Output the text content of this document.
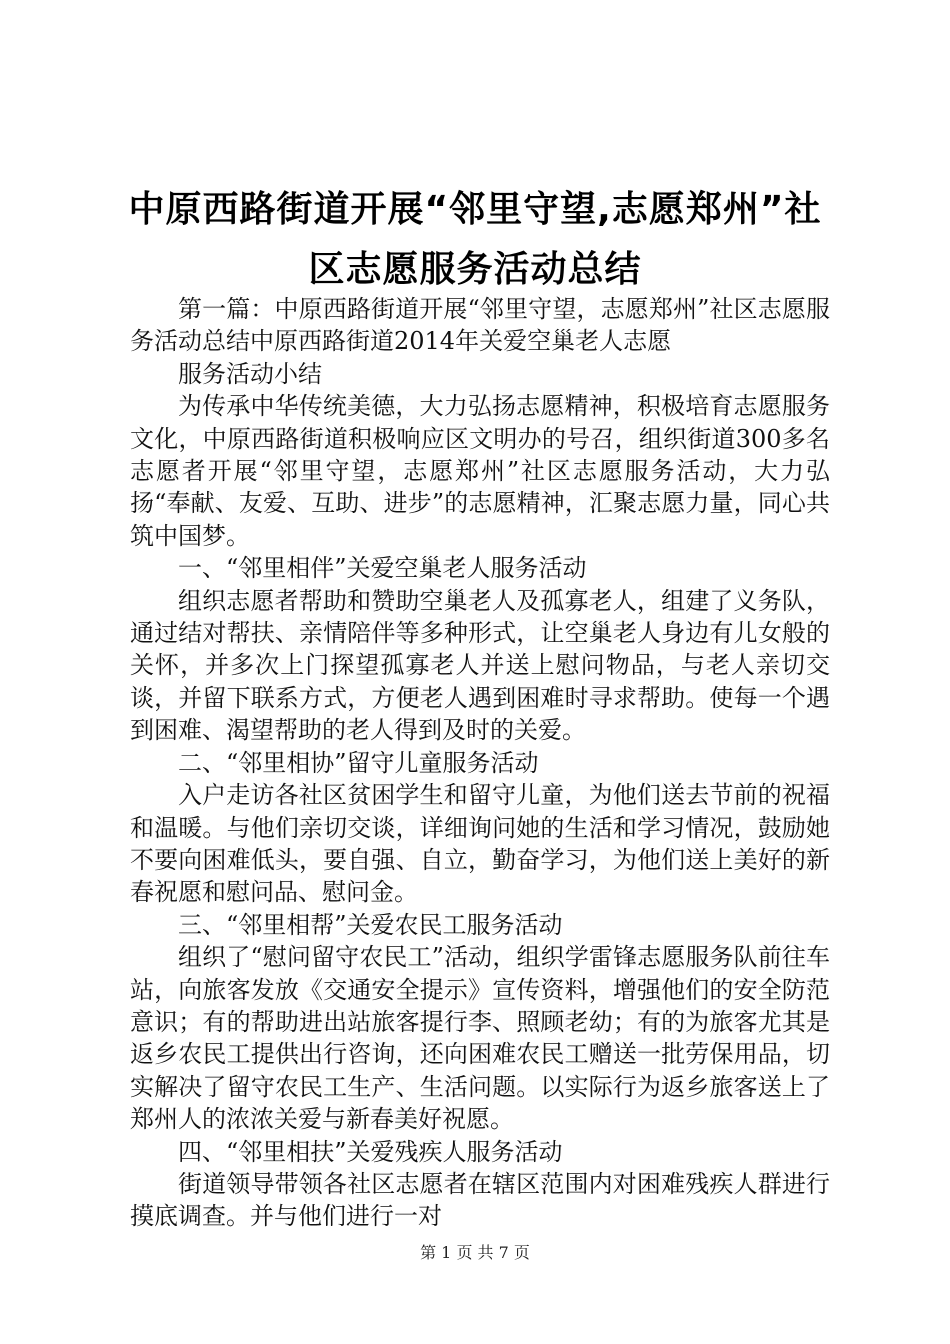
中原西路街道开展“邻里守望,志愿郑州”社
区志愿服务活动总结

第一篇：中原西路街道开展“邻里守望，志愿郑州”社区志愿服务活动总结中原西路街道2014年关爱空巢老人志愿

服务活动小结

为传承中华传统美德，大力弘扬志愿精神，积极培育志愿服务文化，中原西路街道积极响应区文明办的号召，组织街道300多名志愿者开展“邻里守望，志愿郑州”社区志愿服务活动，大力弘扬“奉献、友爱、互助、进步”的志愿精神，汇聚志愿力量，同心共筑中国梦。

一、“邻里相伴”关爱空巢老人服务活动

组织志愿者帮助和赞助空巢老人及孤寡老人，组建了义务队，通过结对帮扶、亲情陪伴等多种形式，让空巢老人身边有儿女般的关怀，并多次上门探望孤寡老人并送上慰问物品，与老人亲切交谈，并留下联系方式，方便老人遇到困难时寻求帮助。使每一个遇到困难、渴望帮助的老人得到及时的关爱。

二、“邻里相协”留守儿童服务活动

入户走访各社区贫困学生和留守儿童，为他们送去节前的祝福和温暖。与他们亲切交谈，详细询问她的生活和学习情况，鼓励她不要向困难低头，要自强、自立，勤奋学习，为他们送上美好的新春祝愿和慰问品、慰问金。

三、“邻里相帮”关爱农民工服务活动

组织了“慰问留守农民工”活动，组织学雷锋志愿服务队前往车站，向旅客发放《交通安全提示》宣传资料，增强他们的安全防范意识；有的帮助进出站旅客提行李、照顾老幼；有的为旅客尤其是返乡农民工提供出行咨询，还向困难农民工赠送一批劳保用品，切实解决了留守农民工生产、生活问题。以实际行为返乡旅客送上了郑州人的浓浓关爱与新春美好祝愿。

四、“邻里相扶”关爱残疾人服务活动

街道领导带领各社区志愿者在辖区范围内对困难残疾人群进行摸底调查。并与他们进行一对

第 1 页 共 7 页
